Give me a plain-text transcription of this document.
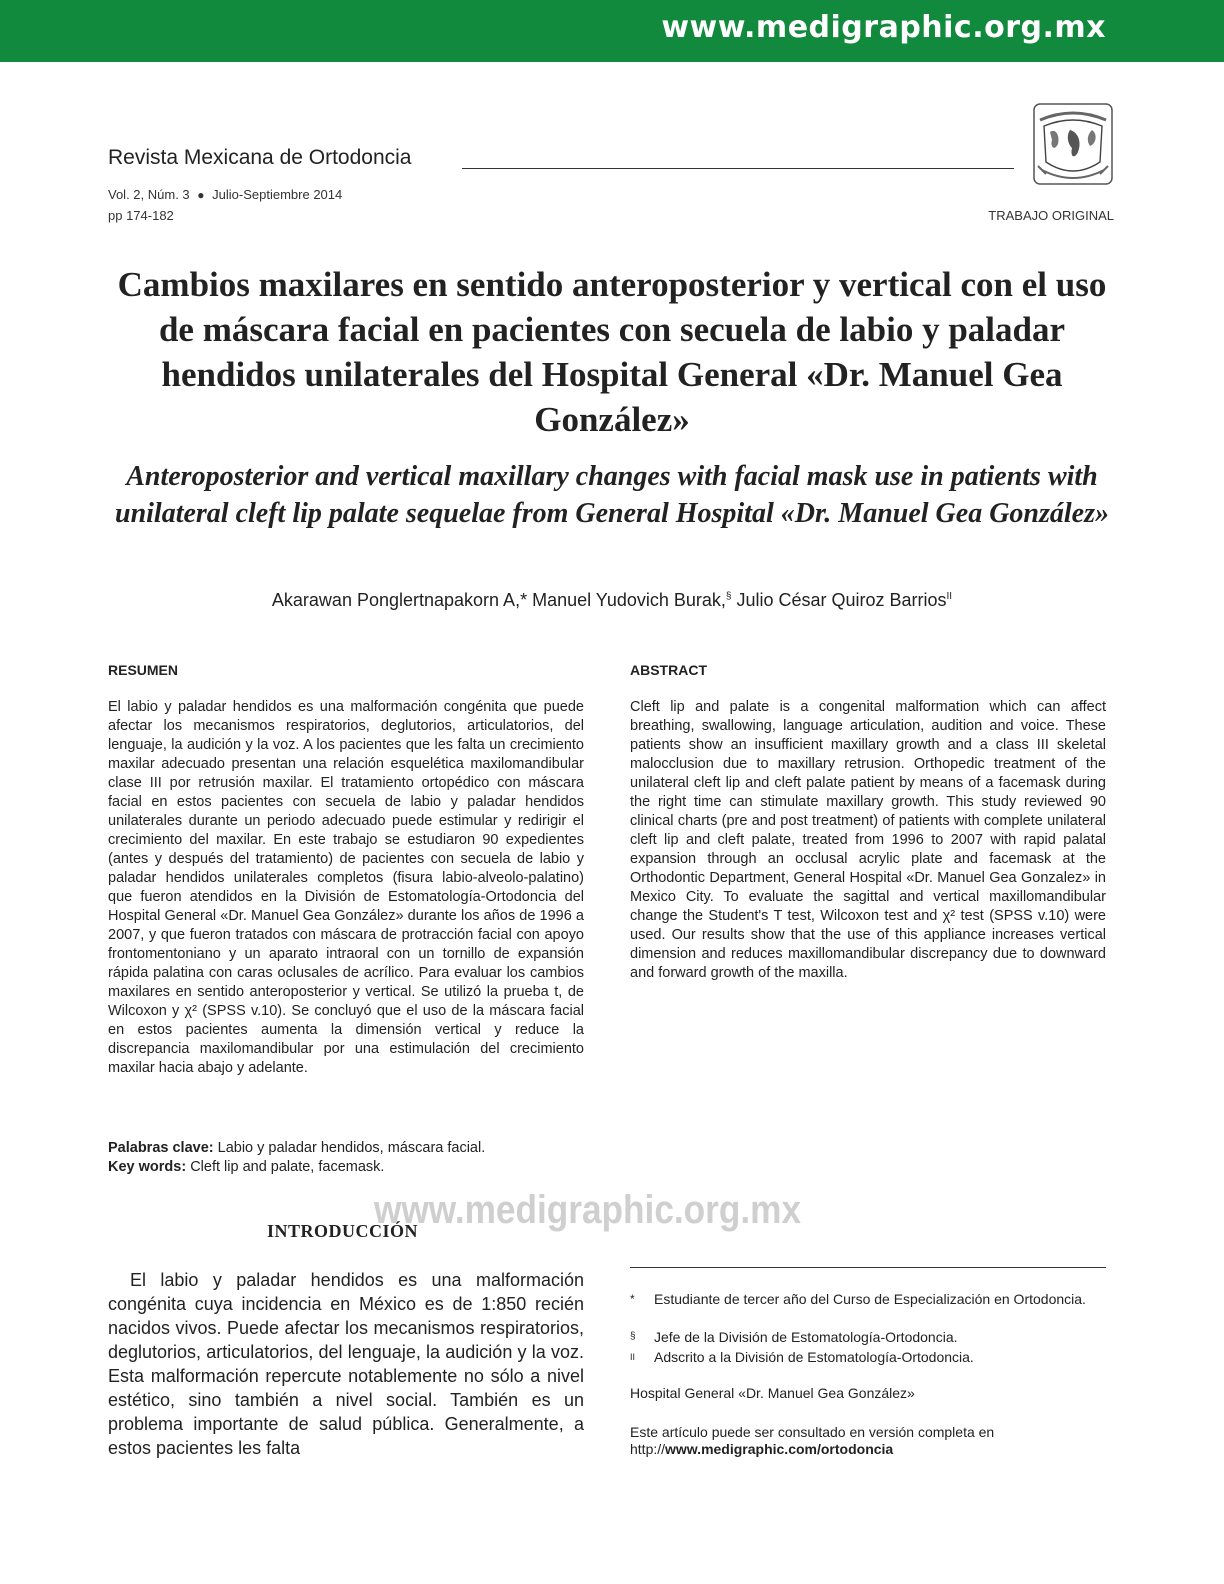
www.medigraphic.org.mx
Revista Mexicana de Ortodoncia
Vol. 2, Núm. 3 ● Julio-Septiembre 2014
pp 174-182	TRABAJO ORIGINAL
Cambios maxilares en sentido anteroposterior y vertical con el uso de máscara facial en pacientes con secuela de labio y paladar hendidos unilaterales del Hospital General «Dr. Manuel Gea González»
Anteroposterior and vertical maxillary changes with facial mask use in patients with unilateral cleft lip palate sequelae from General Hospital «Dr. Manuel Gea González»
Akarawan Ponglertnapakorn A,* Manuel Yudovich Burak,§ Julio César Quiroz Barrios$^{II}$
RESUMEN

El labio y paladar hendidos es una malformación congénita que puede afectar los mecanismos respiratorios, deglutorios, articulatorios, del lenguaje, la audición y la voz. A los pacientes que les falta un crecimiento maxilar adecuado presentan una relación esquelética maxilomandibular clase III por retrusión maxilar. El tratamiento ortopédico con máscara facial en estos pacientes con secuela de labio y paladar hendidos unilaterales durante un periodo adecuado puede estimular y redirigir el crecimiento del maxilar. En este trabajo se estudiaron 90 expedientes (antes y después del tratamiento) de pacientes con secuela de labio y paladar hendidos unilaterales completos (fisura labio-alveolo-palatino) que fueron atendidos en la División de Estomatología-Ortodoncia del Hospital General «Dr. Manuel Gea González» durante los años de 1996 a 2007, y que fueron tratados con máscara de protracción facial con apoyo frontomentoniano y un aparato intraoral con un tornillo de expansión rápida palatina con caras oclusales de acrílico. Para evaluar los cambios maxilares en sentido anteroposterior y vertical. Se utilizó la prueba t, de Wilcoxon y χ² (SPSS v.10). Se concluyó que el uso de la máscara facial en estos pacientes aumenta la dimensión vertical y reduce la discrepancia maxilomandibular por una estimulación del crecimiento maxilar hacia abajo y adelante.

ABSTRACT

Cleft lip and palate is a congenital malformation which can affect breathing, swallowing, language articulation, audition and voice. These patients show an insufficient maxillary growth and a class III skeletal malocclusion due to maxillary retrusion. Orthopedic treatment of the unilateral cleft lip and cleft palate patient by means of a facemask during the right time can stimulate maxillary growth. This study reviewed 90 clinical charts (pre and post treatment) of patients with complete unilateral cleft lip and cleft palate, treated from 1996 to 2007 with rapid palatal expansion through an occlusal acrylic plate and facemask at the Orthodontic Department, General Hospital «Dr. Manuel Gea Gonzalez» in Mexico City. To evaluate the sagittal and vertical maxillomandibular change the Student's T test, Wilcoxon test and χ² test (SPSS v.10) were used. Our results show that the use of this appliance increases vertical dimension and reduces maxillomandibular discrepancy due to downward and forward growth of the maxilla.

Palabras clave: Labio y paladar hendidos, máscara facial.
Key words: Cleft lip and palate, facemask.
www.medigraphic.org.mx
INTRODUCCIÓN

El labio y paladar hendidos es una malformación congénita cuya incidencia en México es de 1:850 recién nacidos vivos. Puede afectar los mecanismos respiratorios, deglutorios, articulatorios, del lenguaje, la audición y la voz. Esta malformación repercute notablemente no sólo a nivel estético, sino también a nivel social. También es un problema importante de salud pública. Generalmente, a estos pacientes les falta

* Estudiante de tercer año del Curso de Especialización en Ortodoncia.
§ Jefe de la División de Estomatología-Ortodoncia.
II Adscrito a la División de Estomatología-Ortodoncia.
Hospital General «Dr. Manuel Gea González»
Este artículo puede ser consultado en versión completa en
http://www.medigraphic.com/ortodoncia
